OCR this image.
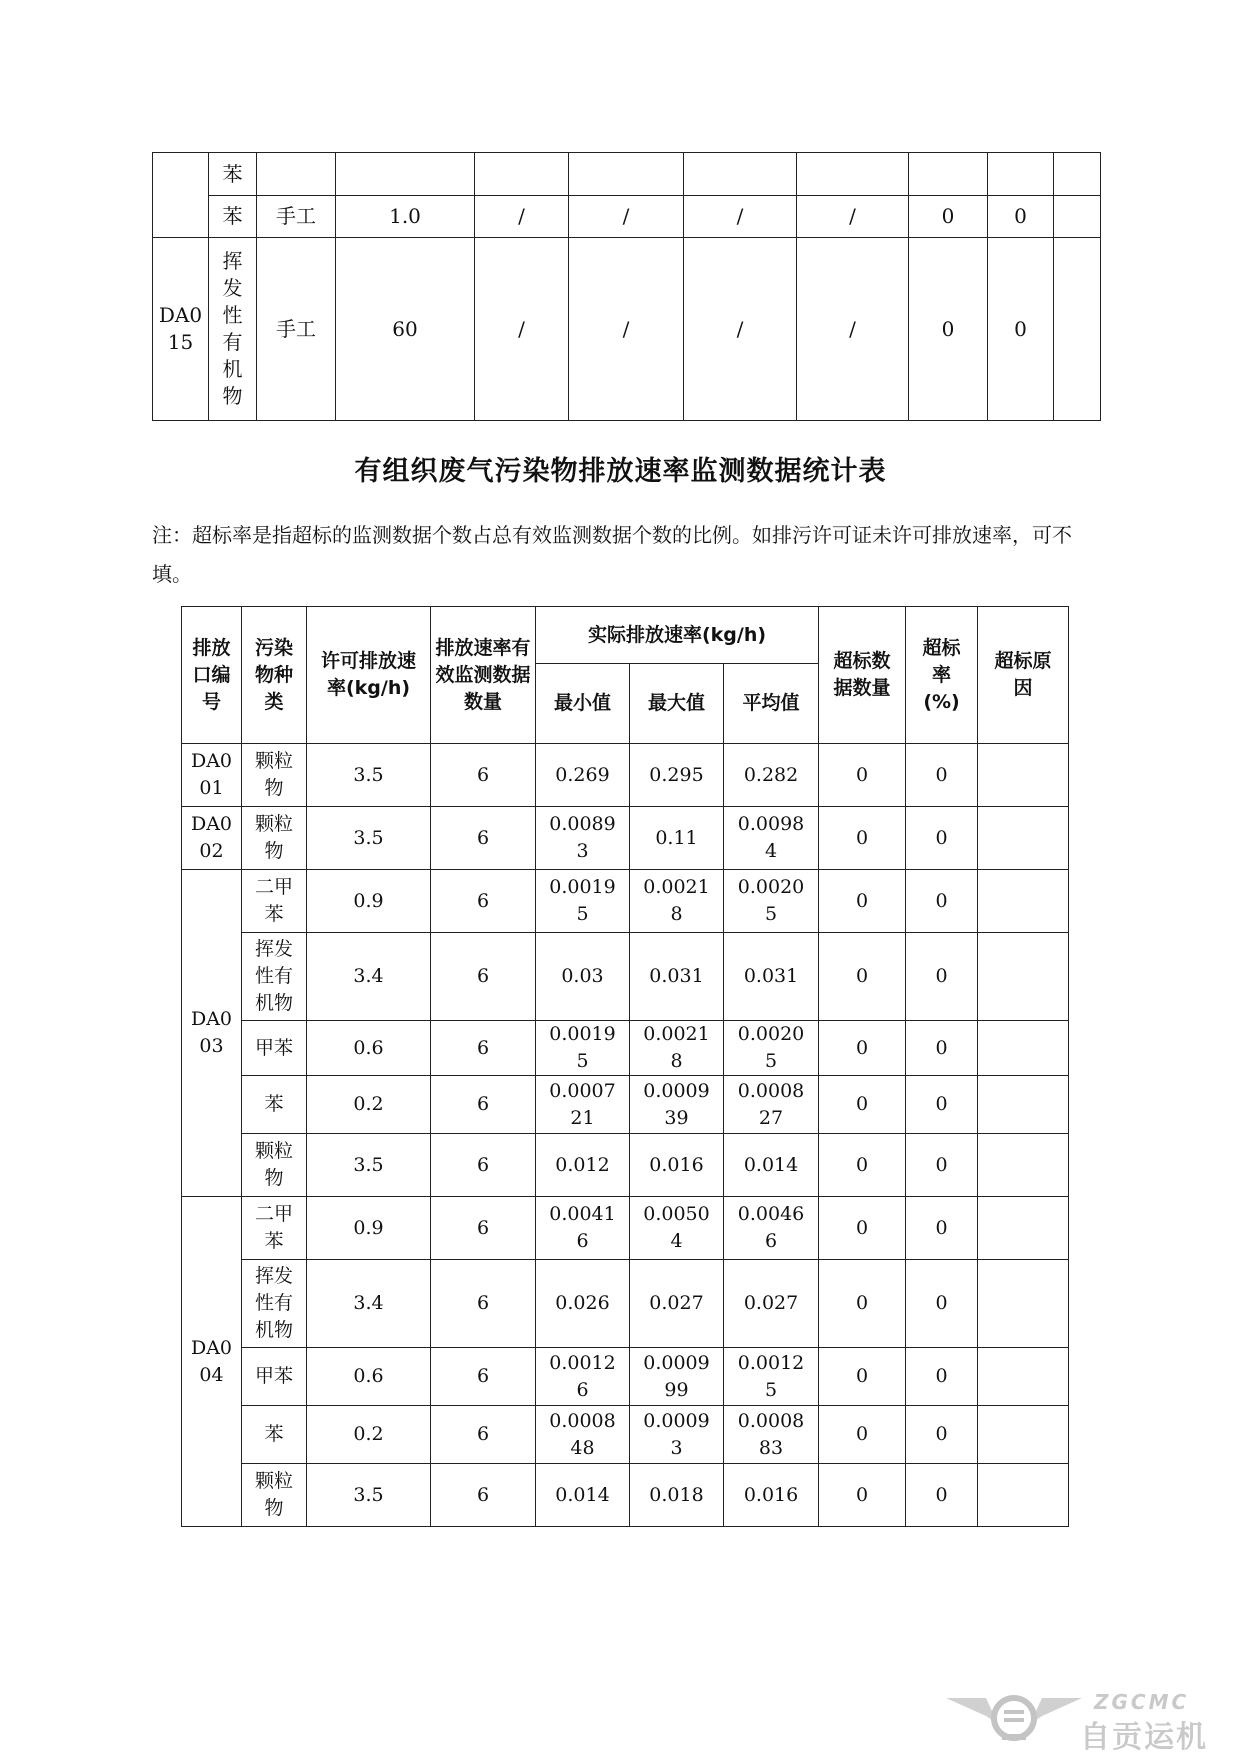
	苯									
	苯	手工	1.0	/	/	/	/	0	0	
DA015	挥发性有机物	手工	60	/	/	/	/	0	0	
有组织废气污染物排放速率监测数据统计表

注：超标率是指超标的监测数据个数占总有效监测数据个数的比例。如排污许可证未许可排放速率，可不填。

排放口编号	污染物种类	许可排放速率(kg/h)	排放速率有效监测数据数量	实际排放速率(kg/h)			超标数据数量	超标率(%)	超标原因
				最小值	最大值	平均值			
DA001	颗粒物	3.5	6	0.269	0.295	0.282	0	0	
DA002	颗粒物	3.5	6	0.00893	0.11	0.00984	0	0	
DA003	二甲苯	0.9	6	0.00195	0.00218	0.00205	0	0	
	挥发性有机物	3.4	6	0.03	0.031	0.031	0	0	
	甲苯	0.6	6	0.00195	0.00218	0.00205	0	0	
	苯	0.2	6	0.000721	0.000939	0.000827	0	0	
	颗粒物	3.5	6	0.012	0.016	0.014	0	0	
DA004	二甲苯	0.9	6	0.00416	0.00504	0.00466	0	0	
	挥发性有机物	3.4	6	0.026	0.027	0.027	0	0	
	甲苯	0.6	6	0.00126	0.000999	0.00125	0	0	
	苯	0.2	6	0.000848	0.00093	0.000883	0	0	
	颗粒物	3.5	6	0.014	0.018	0.016	0	0	
ZGCMC
自贡运机
